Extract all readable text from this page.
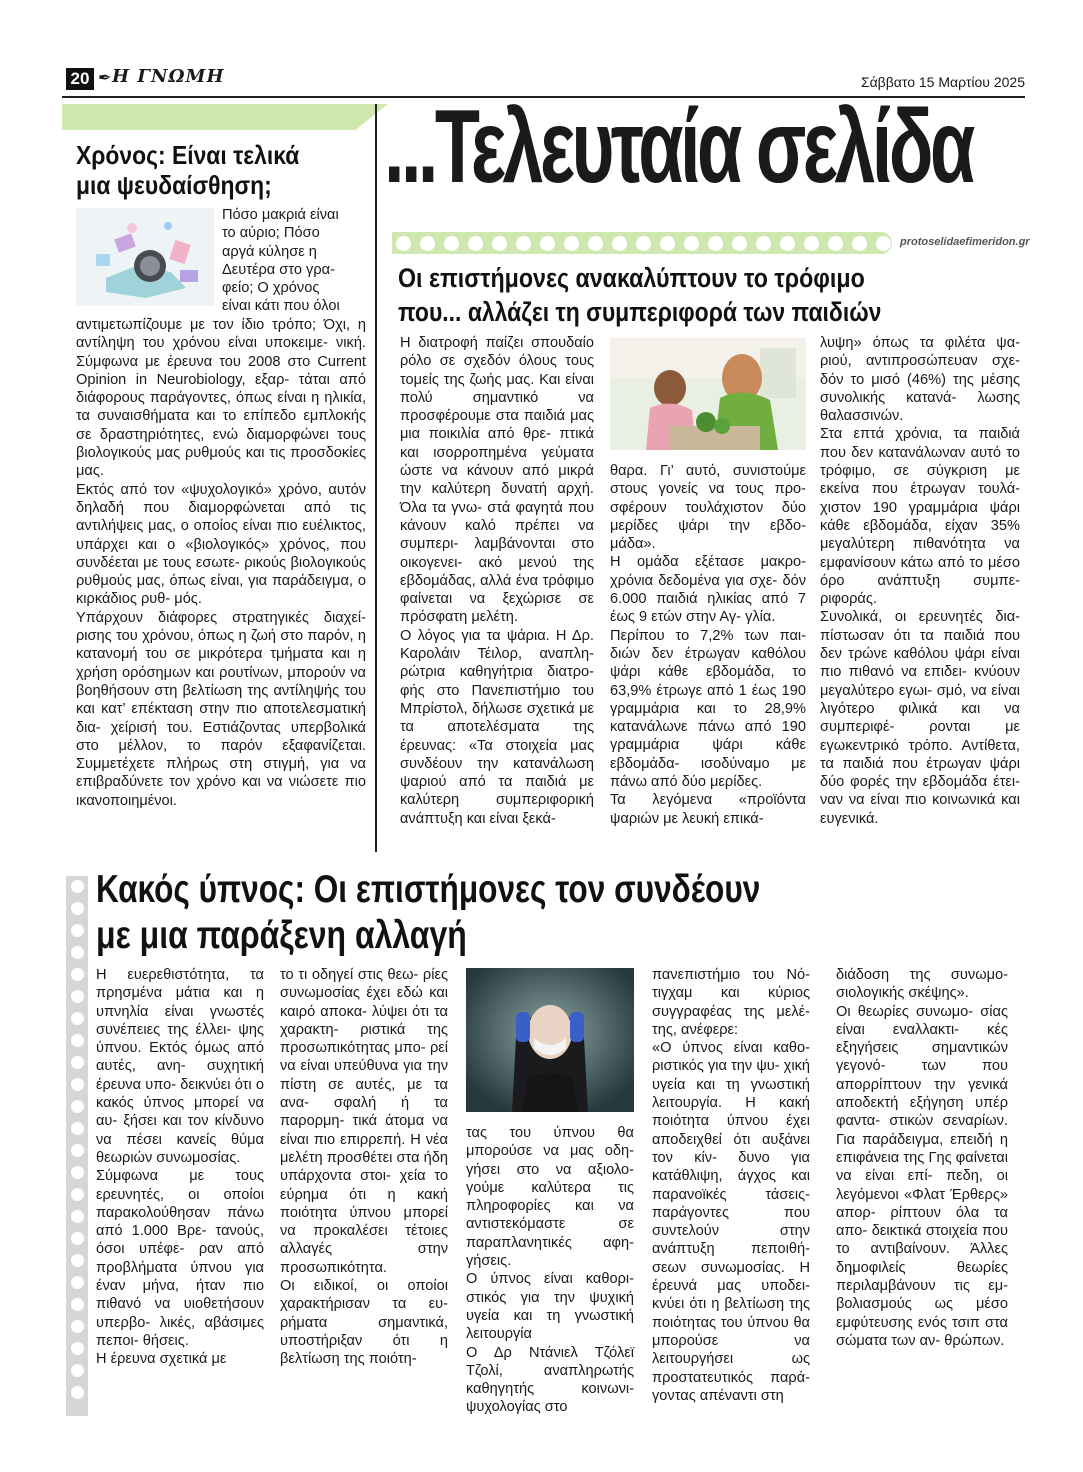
20 ✒ Η ΓΝΩΜΗ	Σάββατο 15 Μαρτίου 2025
Χρόνος: Είναι τελικά
μια ψευδαίσθηση;
Πόσο μακριά είναι
το αύριο; Πόσο
αργά κύλησε η
Δευτέρα στο γρα-
φείο; Ο χρόνος
είναι κάτι που όλοι

αντιμετωπίζουμε με τον ίδιο τρόπο; Όχι, η αντίληψη του χρόνου είναι υποκειμε- νική. Σύμφωνα με έρευνα του 2008 στο Current Opinion in Neurobiology, εξαρ- τάται από διάφορους παράγοντες, όπως είναι η ηλικία, τα συναισθήματα και το επίπεδο εμπλοκής σε δραστηριότητες, ενώ διαμορφώνει τους βιολογικούς μας ρυθμούς και τις προσδοκίες μας.

Εκτός από τον «ψυχολογικό» χρόνο, αυτόν δηλαδή που διαμορφώνεται από τις αντιλήψεις μας, ο οποίος είναι πιο ευέλικτος, υπάρχει και ο «βιολογικός» χρόνος, που συνδέεται με τους εσωτε- ρικούς βιολογικούς ρυθμούς μας, όπως είναι, για παράδειγμα, ο κιρκάδιος ρυθ- μός.

Υπάρχουν διάφορες στρατηγικές διαχεί- ρισης του χρόνου, όπως η ζωή στο παρόν, η κατανομή του σε μικρότερα τμήματα και η χρήση ορόσημων και ρουτίνων, μπορούν να βοηθήσουν στη βελτίωση της αντίληψής του και κατ’ επέκταση στην πιο αποτελεσματική δια- χείρισή του. Εστιάζοντας υπερβολικά στο μέλλον, το παρόν εξαφανίζεται. Συμμετέχετε πλήρως στη στιγμή, για να επιβραδύνετε τον χρόνο και να νιώσετε πιο ικανοποιημένοι.

...Τελευταία σελίδα
protoselidaefimeridon.gr
Οι επιστήμονες ανακαλύπτουν το τρόφιμο
που... αλλάζει τη συμπεριφορά των παιδιών

Η διατροφή παίζει σπουδαίο ρόλο σε σχεδόν όλους τους τομείς της ζωής μας. Και είναι πολύ σημαντικό να προσφέρουμε στα παιδιά μας μια ποικιλία από θρε- πτικά και ισορροπημένα γεύματα ώστε να κάνουν από μικρά την καλύτερη δυνατή αρχή. Όλα τα γνω- στά φαγητά που κάνουν καλό πρέπει να συμπερι- λαμβάνονται στο οικογενει- ακό μενού της εβδομάδας, αλλά ένα τρόφιμο φαίνεται να ξεχώρισε σε πρόσφατη μελέτη.

Ο λόγος για τα ψάρια. Η Δρ. Καρολάιν Τέιλορ, αναπλη- ρώτρια καθηγήτρια διατρο- φής στο Πανεπιστήμιο του Μπρίστολ, δήλωσε σχετικά με τα αποτελέσματα της έρευνας: «Τα στοιχεία μας συνδέουν την κατανάλωση ψαριού από τα παιδιά με καλύτερη συμπεριφορική ανάπτυξη και είναι ξεκά-

θαρα. Γι’ αυτό, συνιστούμε στους γονείς να τους προ- σφέρουν τουλάχιστον δύο μερίδες ψάρι την εβδο- μάδα».

Η ομάδα εξέτασε μακρο- χρόνια δεδομένα για σχε- δόν 6.000 παιδιά ηλικίας από 7 έως 9 ετών στην Αγ- γλία.

Περίπου το 7,2% των παι- διών δεν έτρωγαν καθόλου ψάρι κάθε εβδομάδα, το 63,9% έτρωγε από 1 έως 190 γραμμάρια και το 28,9% κατανάλωνε πάνω από 190 γραμμάρια ψάρι κάθε εβδομάδα- ισοδύναμο με πάνω από δύο μερίδες.

Τα λεγόμενα «προϊόντα ψαριών με λευκή επικά-

λυψη» όπως τα φιλέτα ψα- ριού, αντιπροσώπευαν σχε- δόν το μισό (46%) της μέσης συνολικής κατανά- λωσης θαλασσινών.

Στα επτά χρόνια, τα παιδιά που δεν κατανάλωναν αυτό το τρόφιμο, σε σύγκριση με εκείνα που έτρωγαν τουλά- χιστον 190 γραμμάρια ψάρι κάθε εβδομάδα, είχαν 35% μεγαλύτερη πιθανότητα να εμφανίσουν κάτω από το μέσο όρο ανάπτυξη συμπε- ριφοράς.

Συνολικά, οι ερευνητές δια- πίστωσαν ότι τα παιδιά που δεν τρώνε καθόλου ψάρι είναι πιο πιθανό να επιδει- κνύουν μεγαλύτερο εγωι- σμό, να είναι λιγότερο φιλικά και να συμπεριφέ- ρονται με εγωκεντρικό τρόπο. Αντίθετα, τα παιδιά που έτρωγαν ψάρι δύο φορές την εβδομάδα έτει- ναν να είναι πιο κοινωνικά και ευγενικά.

Κακός ύπνος: Οι επιστήμονες τον συνδέουν
με μια παράξενη αλλαγή

Η ευερεθιστότητα, τα πρησμένα μάτια και η υπνηλία είναι γνωστές συνέπειες της έλλει- ψης ύπνου. Εκτός όμως από αυτές, ανη- συχητική έρευνα υπο- δεικνύει ότι ο κακός ύπνος μπορεί να αυ- ξήσει και τον κίνδυνο να πέσει κανείς θύμα θεωριών συνωμοσίας.

Σύμφωνα με τους ερευνητές, οι οποίοι παρακολούθησαν πάνω από 1.000 Βρε- τανούς, όσοι υπέφε- ραν από προβλήματα ύπνου για έναν μήνα, ήταν πιο πιθανό να υιοθετήσουν υπερβο- λικές, αβάσιμες πεποι- θήσεις.

Η έρευνα σχετικά με

το τι οδηγεί στις θεω- ρίες συνωμοσίας έχει εδώ και καιρό αποκα- λύψει ότι τα χαρακτη- ριστικά της προσωπικότητας μπο- ρεί να είναι υπεύθυνα για την πίστη σε αυτές, με τα ανα- σφαλή ή τα παρορμη- τικά άτομα να είναι πιο επιρρεπή. Η νέα μελέτη προσθέτει στα ήδη υπάρχοντα στοι- χεία το εύρημα ότι η κακή ποιότητα ύπνου μπορεί να προκαλέσει τέτοιες αλλαγές στην προσωπικότητα.

Οι ειδικοί, οι οποίοι χαρακτήρισαν τα ευ- ρήματα σημαντικά, υποστήριξαν ότι η βελτίωση της ποιότη-

τας του ύπνου θα μπορούσε να μας οδη- γήσει στο να αξιολο- γούμε καλύτερα τις πληροφορίες και να αντιστεκόμαστε σε παραπλανητικές αφη- γήσεις.

Ο ύπνος είναι καθορι- στικός για την ψυχική υγεία και τη γνωστική λειτουργία

Ο Δρ Ντάνιελ Τζόλεϊ Τζολί, αναπληρωτής καθηγητής κοινωνι- ψυχολογίας στο

πανεπιστήμιο του Νό- τιγχαμ και κύριος συγγραφέας της μελέ- της, ανέφερε:

«Ο ύπνος είναι καθο- ριστικός για την ψυ- χική υγεία και τη γνωστική λειτουργία. Η κακή ποιότητα ύπνου έχει αποδειχθεί ότι αυξάνει τον κίν- δυνο για κατάθλιψη, άγχος και παρανοϊκές τάσεις- παράγοντες που συντελούν στην ανάπτυξη πεποιθή- σεων συνωμοσίας. Η έρευνά μας υποδει- κνύει ότι η βελτίωση της ποιότητας του ύπνου θα μπορούσε να λειτουργήσει ως προστατευτικός παρά- γοντας απέναντι στη

διάδοση της συνωμο- σιολογικής σκέψης».

Οι θεωρίες συνωμο- σίας είναι εναλλακτι- κές εξηγήσεις σημαντικών γεγονό- των που απορρίπτουν την γενικά αποδεκτή εξήγηση υπέρ φαντα- στικών σεναρίων. Για παράδειγμα, επειδή η επιφάνεια της Γης φαίνεται να είναι επί- πεδη, οι λεγόμενοι «Φλατ Έρθερς» απορ- ρίπτουν όλα τα απο- δεικτικά στοιχεία που το αντιβαίνουν. Άλλες δημοφιλείς θεωρίες περιλαμβάνουν τις εμ- βολιασμούς ως μέσο εμφύτευσης ενός τσιπ στα σώματα των αν- θρώπων.
